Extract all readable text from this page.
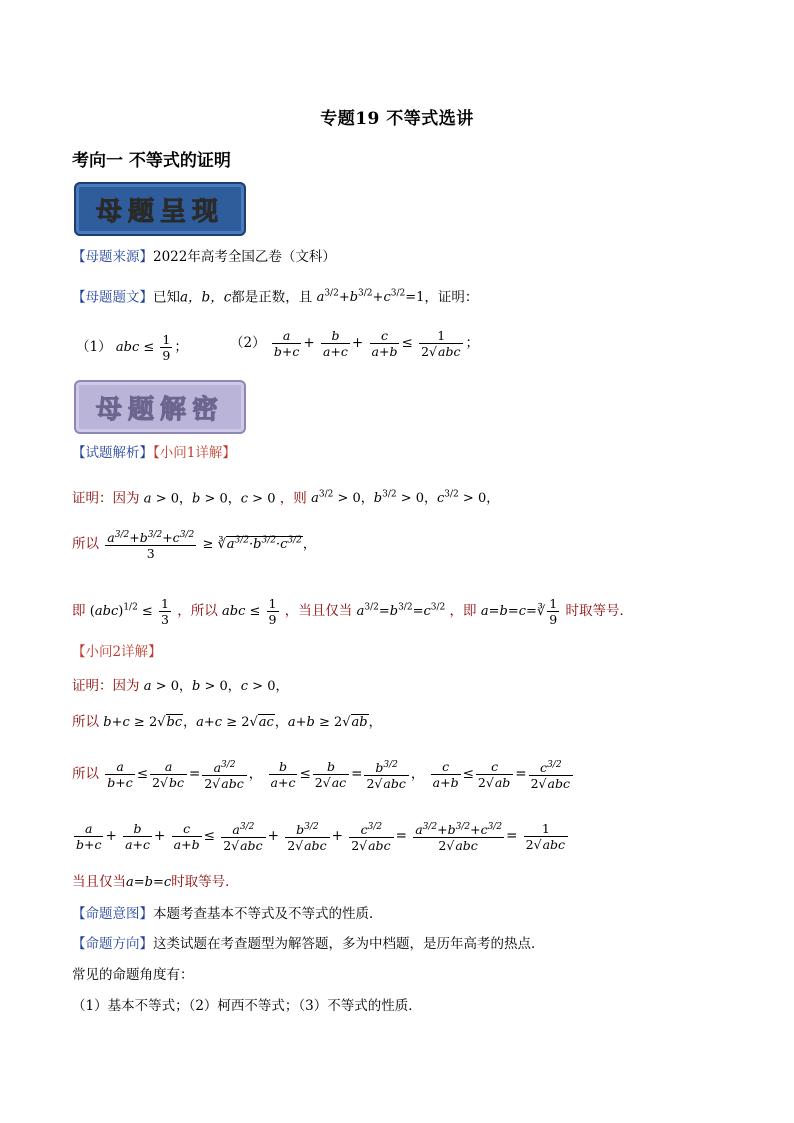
专题19 不等式选讲
考向一 不等式的证明
母题呈现
【母题来源】2022年高考全国乙卷（文科）
【母题题文】已知a，b，c都是正数，且 $a^{3/2}+b^{3/2}+c^{3/2}=1$，证明：
（1） abc ≤ $\frac{1}{9}$ ；	$(2) \frac{a}{b+c} + \frac{b}{a+c} + \frac{c}{a+b} \le \frac{1}{\text{2√abc}}$ ；
母题解密
【试题解析】【小问1详解】
证明：因为 a > 0，b > 0，c > 0 ，则 $a^{3/2} > 0$，$b^{3/2} > 0$，$c^{3/2} > 0$，
所以 $\frac{a^{3/2}+b^{3/2}+c^{3/2}}{3}$ ≥ $∛a^{3/2}\cdot b^{3/2}\cdot c^{3/2}$，
即 $(abc)^{1/2} \le \frac{1}{3}$ ，所以 abc ≤ $\frac{1}{9}$ ，当且仅当 $a^{3/2}=b^{3/2}=c^{3/2}$ ，即 a=b=c=∛ $\frac{1}{9}$ 时取等号．
【小问2详解】
证明：因为 a > 0，b > 0，c > 0，
所以 b+c ≥ 2√bc，a+c ≥ 2√ac，a+b ≥ 2√ab，
所以 $\frac{a}{b+c} \le \frac{a}{2√bc} = \frac{a^{3/2}}{\text{2√abc}}$ ， $\frac{b}{a+c} \le \frac{b}{2√ac} = \frac{b^{3/2}}{\text{2√abc}}$ ， $\frac{c}{a+b} \le \frac{c}{2√ab} = \frac{c^{3/2}}{\text{2√abc}}$
$\frac{a}{b+c} + \frac{b}{a+c} + \frac{c}{a+b} \le \frac{a^{3/2}}{\text{2√abc}} + \frac{b^{3/2}}{\text{2√abc}} + \frac{c^{3/2}}{\text{2√abc}} = \frac{a^{3/2}+b^{3/2}+c^{3/2}}{\text{2√abc}} = \frac{1}{\text{2√abc}}$
当且仅当a=b=c时取等号．
【命题意图】本题考查基本不等式及不等式的性质．
【命题方向】这类试题在考查题型为解答题，多为中档题，是历年高考的热点．
常见的命题角度有：
（1）基本不等式；（2）柯西不等式；（3）不等式的性质．
